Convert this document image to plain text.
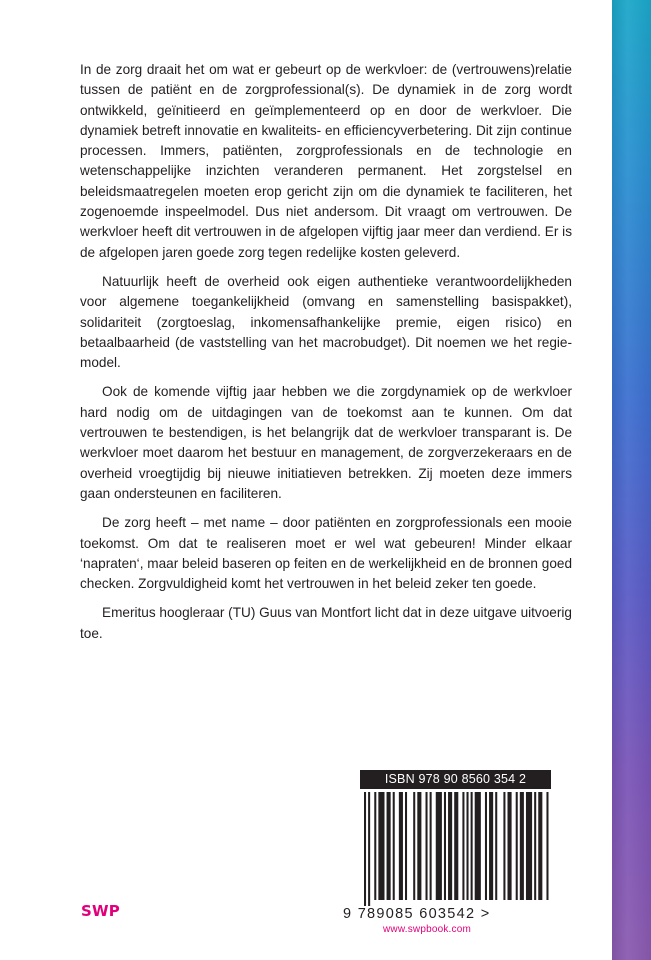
In de zorg draait het om wat er gebeurt op de werkvloer: de (vertrouwens)relatie tussen de patiënt en de zorgprofessional(s). De dynamiek in de zorg wordt ontwikkeld, geïnitieerd en geïmplementeerd op en door de werkvloer. Die dynamiek betreft innovatie en kwaliteits- en efficiencyverbetering. Dit zijn continue processen. Immers, patiënten, zorgprofessionals en de technologie en wetenschappelijke inzichten veranderen permanent. Het zorgstelsel en beleidsmaatregelen moeten erop gericht zijn om die dynamiek te faciliteren, het zogenoemde inspeelmodel. Dus niet andersom. Dit vraagt om vertrouwen. De werkvloer heeft dit vertrouwen in de afgelopen vijftig jaar meer dan verdiend. Er is de afgelopen jaren goede zorg tegen redelijke kosten geleverd.

Natuurlijk heeft de overheid ook eigen authentieke verantwoordelijkheden voor algemene toegankelijkheid (omvang en samenstelling basispakket), solidariteit (zorgtoeslag, inkomensafhankelijke premie, eigen risico) en betaalbaarheid (de vaststelling van het macrobudget). Dit noemen we het regie-model.

Ook de komende vijftig jaar hebben we die zorgdynamiek op de werkvloer hard nodig om de uitdagingen van de toekomst aan te kunnen. Om dat vertrouwen te bestendigen, is het belangrijk dat de werkvloer transparant is. De werkvloer moet daarom het bestuur en management, de zorgverzekeraars en de overheid vroegtijdig bij nieuwe initiatieven betrekken. Zij moeten deze immers gaan ondersteunen en faciliteren.

De zorg heeft – met name – door patiënten en zorgprofessionals een mooie toekomst. Om dat te realiseren moet er wel wat gebeuren! Minder elkaar ‘napraten‘, maar beleid baseren op feiten en de werkelijkheid en de bronnen goed checken. Zorgvuldigheid komt het vertrouwen in het beleid zeker ten goede.

Emeritus hoogleraar (TU) Guus van Montfort licht dat in deze uitgave uitvoerig toe.

ISBN 978 90 8560 354 2
9 789085 603542 >
www.swpbook.com
SWP
